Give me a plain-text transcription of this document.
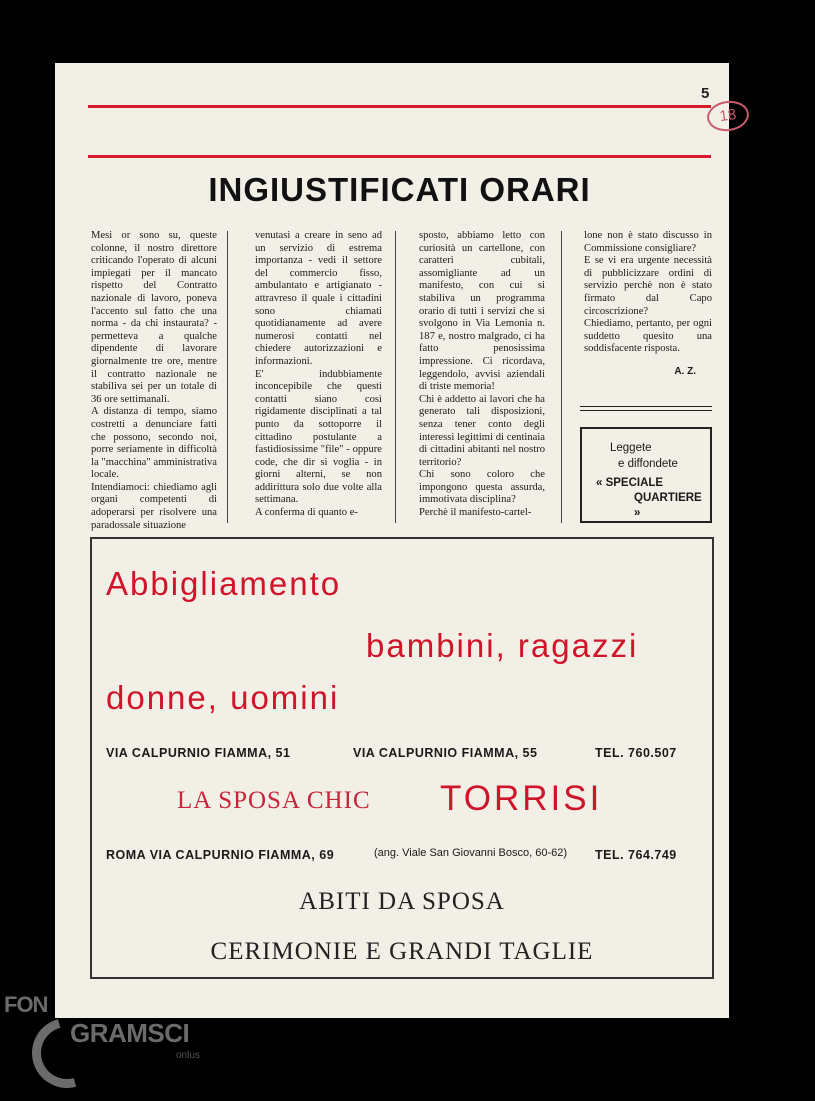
5
18
INGIUSTIFICATI ORARI

Mesi or sono su, queste colonne, il nostro direttore criticando l'operato di alcuni impiegati per il mancato rispetto del Contratto nazionale di lavoro, poneva l'accento sul fatto che una norma - da chi instaurata? - permetteva a qualche dipendente di lavorare giornalmente tre ore, mentre il contratto nazionale ne stabiliva sei per un totale di 36 ore settimanali.

A distanza di tempo, siamo costretti a denunciare fatti che possono, secondo noi, porre seriamente in difficoltà la "macchina" amministrativa locale.

Intendiamoci: chiediamo agli organi competenti di adoperarsi per risolvere una paradossale situazione

venutasi a creare in seno ad un servizio di estrema importanza - vedi il settore del commercio fisso, ambulantato e artigianato - attravreso il quale i cittadini sono chiamati quotidianamente ad avere numerosi contatti nel chiedere autorizzazioni e informazioni.

E' indubbiamente inconcepibile che questi contatti siano così rigidamente disciplinati a tal punto da sottoporre il cittadino postulante a fastidiosissime "file" - oppure code, che dir si voglia - in giorni alterni, se non addirittura solo due volte alla settimana.

A conferma di quanto e-

sposto, abbiamo letto con curiosità un cartellone, con caratteri cubitali, assomigliante ad un manifesto, con cui si stabiliva un programma orario di tutti i servizi che si svolgono in Via Lemonia n. 187 e, nostro malgrado, ci ha fatto penosissima impressione. Ci ricordava, leggendolo, avvisi aziendali di triste memoria!

Chi è addetto ai lavori che ha generato tali disposizioni, senza tener conto degli interessi legittimi di centinaia di cittadini abitanti nel nostro territorio?

Chi sono coloro che impongono questa assurda, immotivata disciplina?

Perchè il manifesto-cartel-

lone non è stato discusso in Commissione consigliare?

E se vi era urgente necessità di pubblicizzare ordini di servizio perchè non è stato firmato dal Capo circoscrizione?

Chiediamo, pertanto, per ogni suddetto quesito una soddisfacente risposta.

A. Z.

Leggete
e diffondete
« SPECIALE
QUARTIERE »
Abbigliamento
bambini, ragazzi
donne, uomini
VIA CALPURNIO FIAMMA, 51	VIA CALPURNIO FIAMMA, 55	TEL. 760.507
LA SPOSA CHIC TORRISI
ROMA VIA CALPURNIO FIAMMA, 69	(ang. Viale San Giovanni Bosco, 60-62) TEL. 764.749
ABITI DA SPOSA
CERIMONIE E GRANDI TAGLIE
FON
GRAMSCI
onlus
